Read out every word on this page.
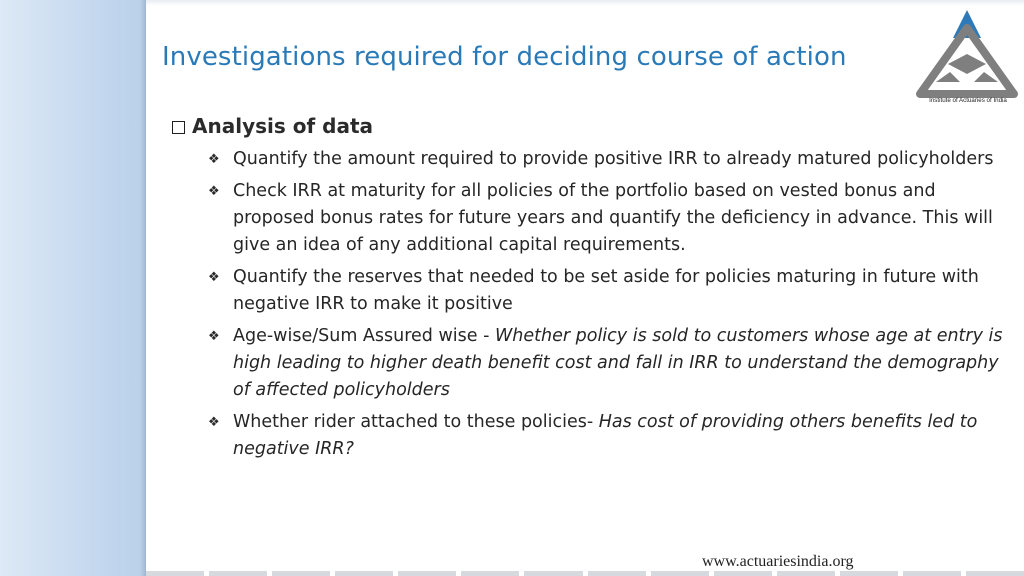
Investigations required for deciding course of action
Institute of Actuaries of India
Analysis of data
❖ Quantify the amount required to provide positive IRR to already matured policyholders
❖ Check IRR at maturity for all policies of the portfolio based on vested bonus and proposed bonus rates for future years and quantify the deficiency in advance. This will give an idea of any additional capital requirements.
❖ Quantify the reserves that needed to be set aside for policies maturing in future with negative IRR to make it positive
❖ Age-wise/Sum Assured wise - Whether policy is sold to customers whose age at entry is high leading to higher death benefit cost and fall in IRR to understand the demography of affected policyholders
❖ Whether rider attached to these policies- Has cost of providing others benefits led to negative IRR?
www.actuariesindia.org
